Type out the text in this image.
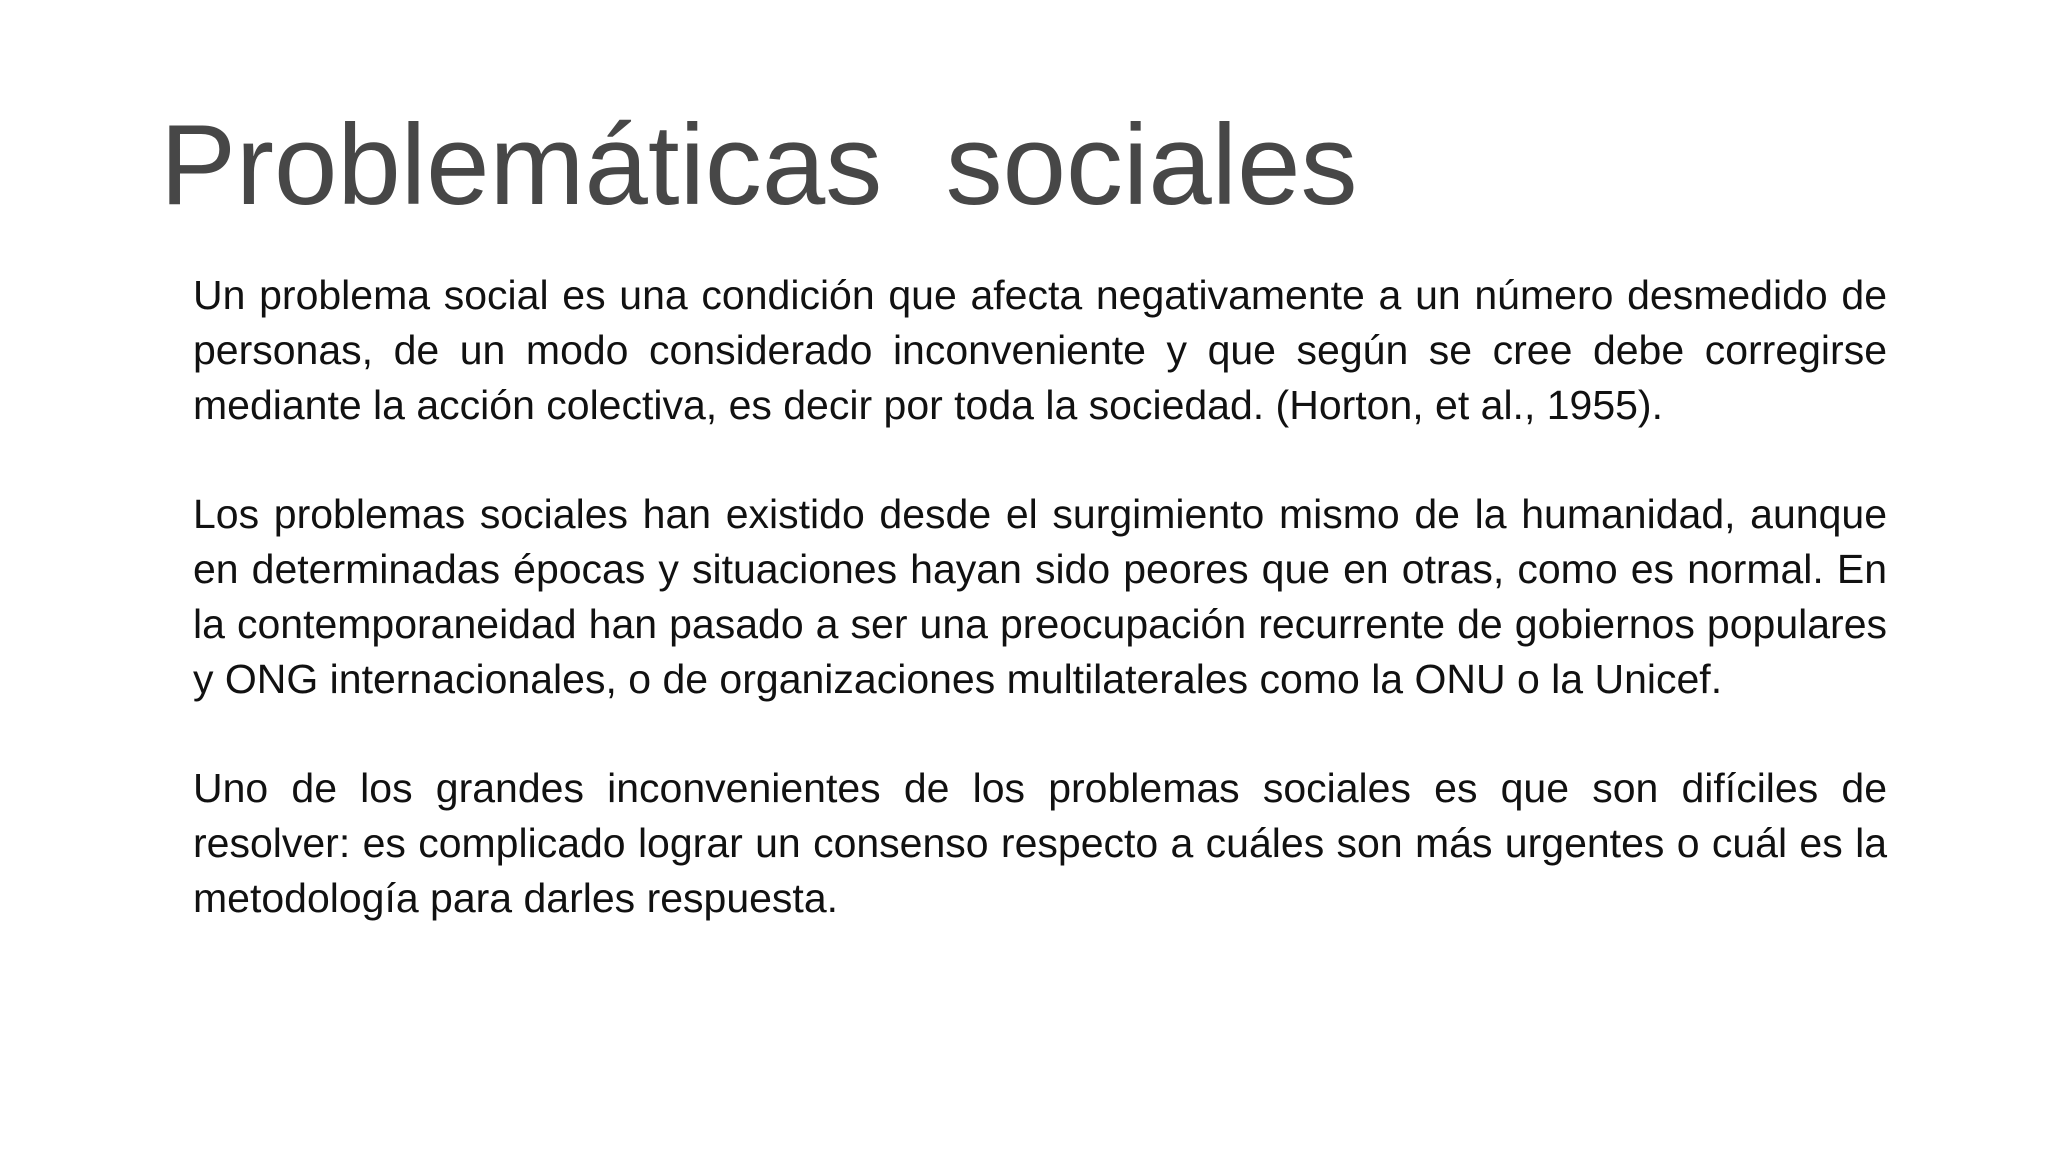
Problemáticas  sociales

Un problema social es una condición que afecta negativamente a un número desmedido de personas, de un modo considerado inconveniente y que según se cree debe corregirse mediante la acción colectiva, es decir por toda la sociedad. (Horton, et al., 1955).

Los problemas sociales han existido desde el surgimiento mismo de la humanidad, aunque en determinadas épocas y situaciones hayan sido peores que en otras, como es normal. En la contemporaneidad han pasado a ser una preocupación recurrente de gobiernos populares y ONG internacionales, o de organizaciones multilaterales como la ONU o la Unicef.

Uno de los grandes inconvenientes de los problemas sociales es que son difíciles de resolver: es complicado lograr un consenso respecto a cuáles son más urgentes o cuál es la metodología para darles respuesta.
